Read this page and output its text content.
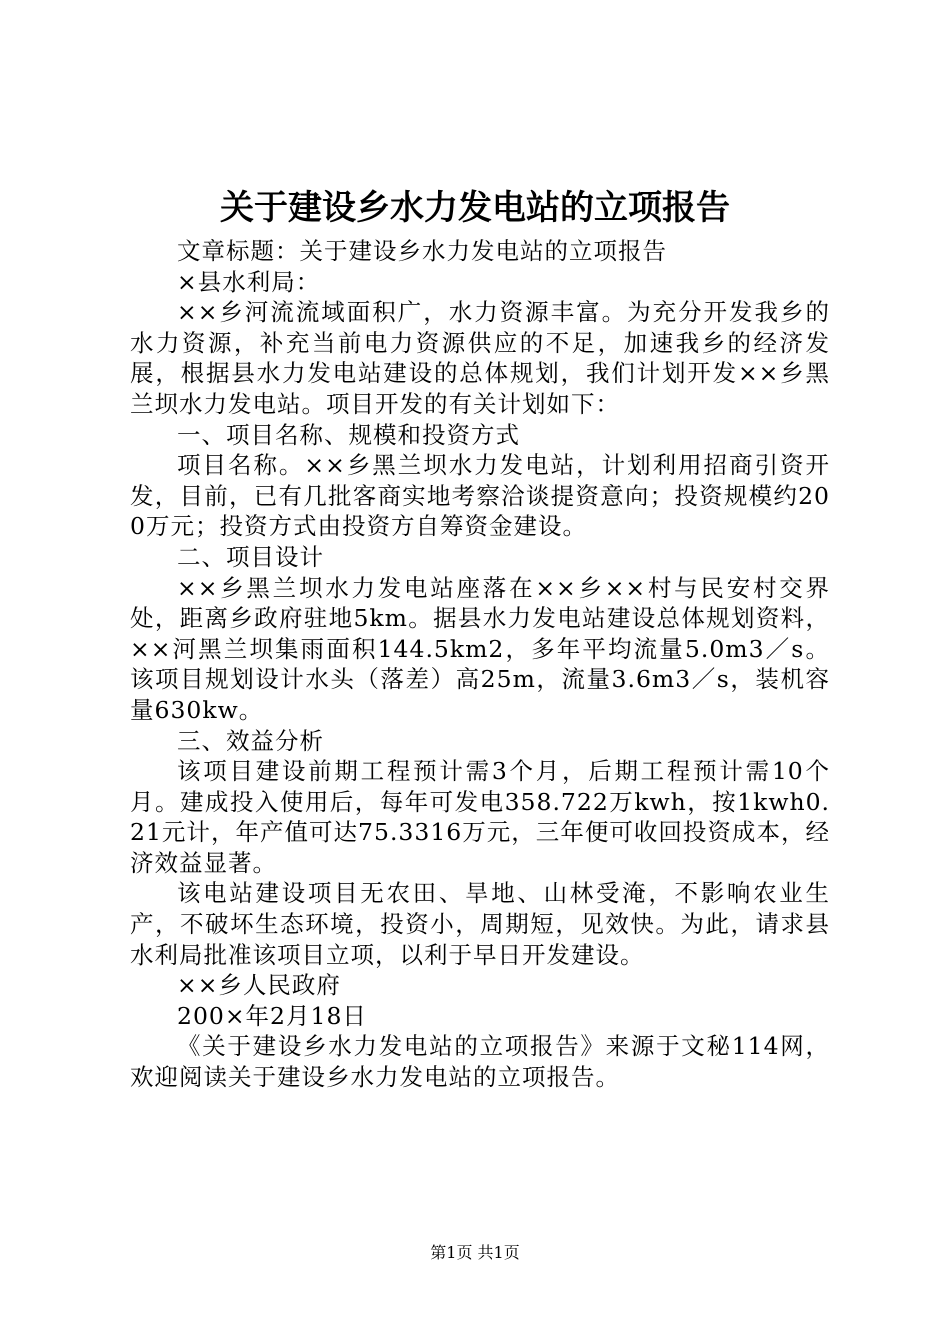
关于建设乡水力发电站的立项报告

文章标题：关于建设乡水力发电站的立项报告

×县水利局：

××乡河流流域面积广，水力资源丰富。为充分开发我乡的水力资源，补充当前电力资源供应的不足，加速我乡的经济发展，根据县水力发电站建设的总体规划，我们计划开发××乡黑兰坝水力发电站。项目开发的有关计划如下：

一、项目名称、规模和投资方式

项目名称。××乡黑兰坝水力发电站，计划利用招商引资开发，目前，已有几批客商实地考察洽谈提资意向；投资规模约200万元；投资方式由投资方自筹资金建设。

二、项目设计

××乡黑兰坝水力发电站座落在××乡××村与民安村交界处，距离乡政府驻地5km。据县水力发电站建设总体规划资料，××河黑兰坝集雨面积144.5km2，多年平均流量5.0m3／s。该项目规划设计水头（落差）高25m，流量3.6m3／s，装机容量630kw。

三、效益分析

该项目建设前期工程预计需3个月，后期工程预计需10个月。建成投入使用后，每年可发电358.722万kwh，按1kwh0.21元计，年产值可达75.3316万元，三年便可收回投资成本，经济效益显著。

该电站建设项目无农田、旱地、山林受淹，不影响农业生产，不破坏生态环境，投资小，周期短，见效快。为此，请求县水利局批准该项目立项，以利于早日开发建设。

××乡人民政府

200×年2月18日

《关于建设乡水力发电站的立项报告》来源于文秘114网，欢迎阅读关于建设乡水力发电站的立项报告。

第1页 共1页
